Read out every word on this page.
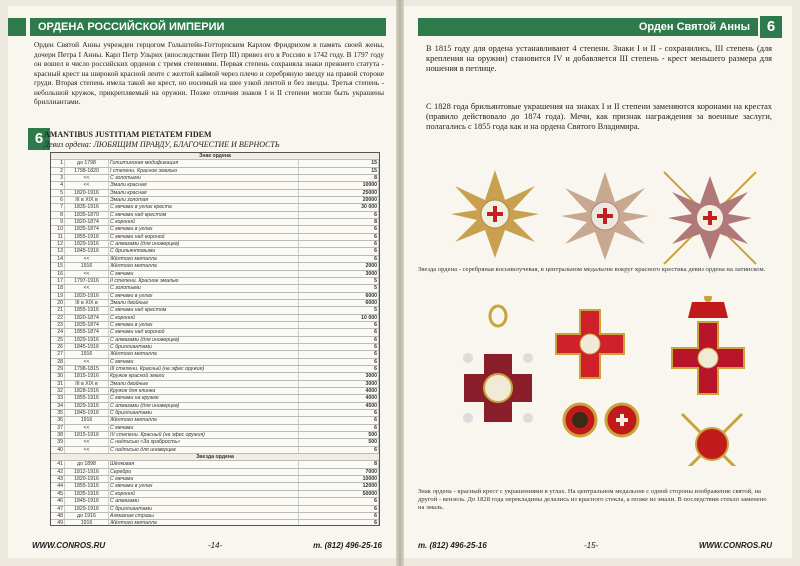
ОРДЕНА РОССИЙСКОЙ ИМПЕРИИ
Орден Святой Анны учрежден герцогом Гольштейн-Готторпским Карлом Фридрихом в память своей жены, дочери Петра I Анны. Карл Петр Ульрих (впоследствии Петр III) привез его в Россию в 1742 году. В 1797 году он вошел в число российских орденов с тремя степенями. Первая степень сохраняла знаки прежнего статута - красный крест на широкой красной ленте с желтой каймой через плечо и серебряную звезду на правой стороне груди. Вторая степень имела такой же крест, но носимый на шее узкой лентой и без звезды. Третья степень - небольшой кружок, прикрепляемый на оружии. Позже отличия знаков I и II степени могли быть украшены бриллиантами.
6 AMANTIBUS JUSTITIAM PIETATEM FIDEM
Девиз ордена: ЛЮБЯЩИМ ПРАВДУ, БЛАГОЧЕСТИЕ И ВЕРНОСТЬ
Знак ордена
1	до 1798	Голштинская модификация	15
2	1798-1820	I степени. Красное эмалью	15
3	<<	С золотыми	8
4	<<	Эмали красная	10000
5	1820-1916	Эмали красная	25000
6	III в XIX в	Эмали золотая	20000
7	1835-1916	С мечами в углах креста	30 000
8	1835-1870	С мечами над крестом	6
9	1820-1874	С короной	8
10	1835-1874	С мечами в углах	6
11	1855-1916	С мечами над короной	6
12	1829-1916	С алмазами (для иноверцев)	6
13	1845-1916	С брильянтовыми	6
14	<<	Жёлтого металла	6
15	1916	Жёлтого металла	2000
16	<<	С мечами	3000
17	1797-1916	II степени. Красное эмалью	5
18	<<	С золотыми	5
19	1820-1916	С мечами в углах	6000
20	III в XIX в	Эмали двойные	6000
21	1855-1916	С мечами над крестом	5
22	1820-1874	С короной	10 000
23	1835-1874	С мечами в углах	6
24	1855-1874	С мечами над короной	6
25	1829-1916	С алмазами (для иноверцев)	6
26	1845-1916	С бриллиантами	6
27	1916	Жёлтого металла	6
28	<<	С мечами	6
29	1798-1815	III степени. Красный (на эфес оружия)	6
30	1815-1916	Кружок красной эмали	3000
31	III в XIX в	Эмали двойные	3000
32	1828-1916	Кружок для клинка	4000
33	1855-1916	С мечами на кружке	4000
34	1829-1916	С алмазами (для иноверцев)	4500
35	1845-1916	С бриллиантами	6
36	1916	Жёлтого металла	6
37	<<	С мечами	6
38	1815-1916	IV степени. Красный (на эфес оружия)	500
39	<<	С надписью «За храбрость»	500
40	<<	С надписью для иноверцев	6
Звезда ордена
41	до 1898	Шёлковая	8
42	1812-1916	Серебро	7000
43	1820-1916	С мечами	10000
44	1855-1916	С мечами в углах	12000
45	1835-1916	С короной	50000
46	1845-1916	С алмазами	6
47	1829-1916	С бриллиантами	6
48	до 1916	Алмазная стразы	6
49	1916	Жёлтого металла	6
WWW.CONROS.RU	-14-	т. (812) 496-25-16
Орден Святой Анны	6
В 1815 году для ордена устанавливают 4 степени. Знаки I и II - сохранились, III степень (для крепления на оружии) становится IV и добавляется III степень - крест меньшего размера для ношения в петлице.
С 1828 года брильянтовые украшения на знаках I и II степени заменяются коронами на крестах (правило действовало до 1874 года). Мечи, как признак награждения за военные заслуги, полагались с 1855 года как и на ордена Святого Владимира.
Звезда ордена - серебряная восьмилучевая, в центральном медальоне вокруг красного крестика девиз ордена на латинском.
Знак ордена - красный крест с украшениями в углах. На центральном медальоне с одной стороны изображение святой, на другой - вензель. До 1828 года перекладины делались из красного стекла, а позже из эмали. В последствии стекло заменено на эмаль.
т. (812) 496-25-16	-15-	WWW.CONROS.RU
